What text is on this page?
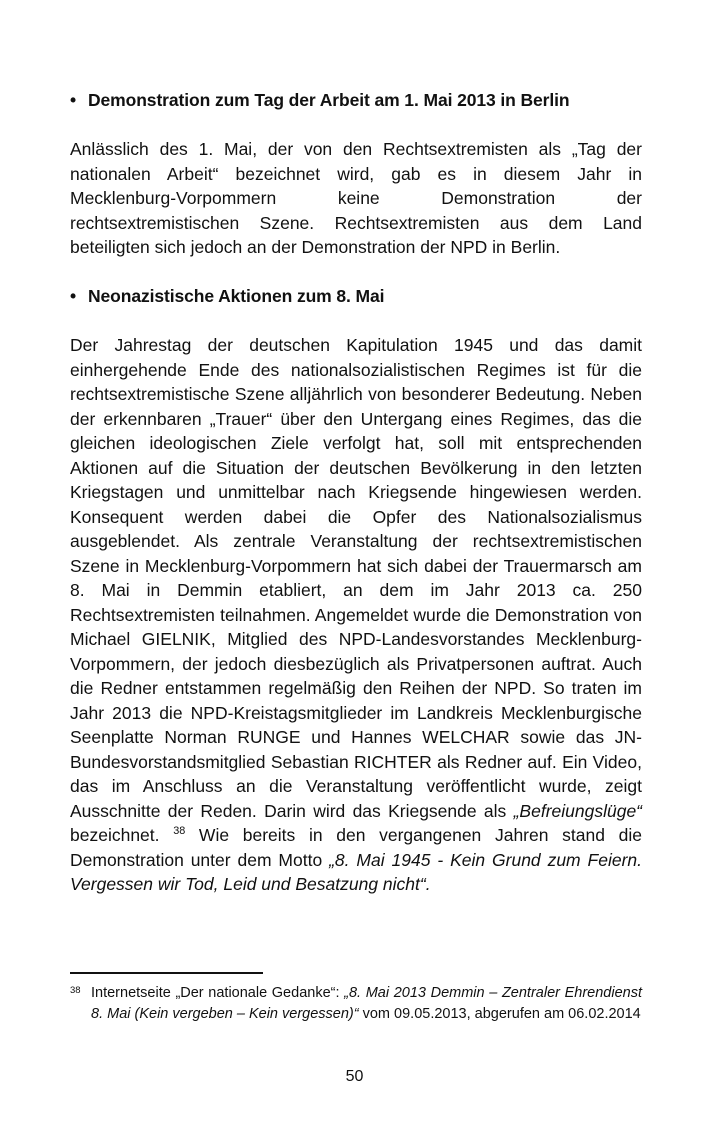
• Demonstration zum Tag der Arbeit am 1. Mai 2013 in Berlin

Anlässlich des 1. Mai, der von den Rechtsextremisten als „Tag der nationalen Arbeit“ bezeichnet wird, gab es in diesem Jahr in Mecklenburg-Vorpommern keine Demonstration der rechtsextremistischen Szene. Rechtsextremisten aus dem Land beteiligten sich jedoch an der Demonstration der NPD in Berlin.

• Neonazistische Aktionen zum 8. Mai

Der Jahrestag der deutschen Kapitulation 1945 und das damit einhergehende Ende des nationalsozialistischen Regimes ist für die rechtsextremistische Szene alljährlich von besonderer Bedeutung. Neben der erkennbaren „Trauer“ über den Untergang eines Regimes, das die gleichen ideologischen Ziele verfolgt hat, soll mit entsprechenden Aktionen auf die Situation der deutschen Bevölkerung in den letzten Kriegstagen und unmittelbar nach Kriegsende hingewiesen werden. Konsequent werden dabei die Opfer des Nationalsozialismus ausgeblendet. Als zentrale Veranstaltung der rechtsextremistischen Szene in Mecklenburg-Vorpommern hat sich dabei der Trauermarsch am 8. Mai in Demmin etabliert, an dem im Jahr 2013 ca. 250 Rechtsextremisten teilnahmen. Angemeldet wurde die Demonstration von Michael GIELNIK, Mitglied des NPD-Landesvorstandes Mecklenburg-Vorpommern, der jedoch diesbezüglich als Privatpersonen auftrat. Auch die Redner entstammen regelmäßig den Reihen der NPD. So traten im Jahr 2013 die NPD-Kreistagsmitglieder im Landkreis Mecklenburgische Seenplatte Norman RUNGE und Hannes WELCHAR sowie das JN-Bundesvorstandsmitglied Sebastian RICHTER als Redner auf. Ein Video, das im Anschluss an die Veranstaltung veröffentlicht wurde, zeigt Ausschnitte der Reden. Darin wird das Kriegsende als „Befreiungslüge“ bezeichnet. $^{38}$ Wie bereits in den vergangenen Jahren stand die Demonstration unter dem Motto „8. Mai 1945 - Kein Grund zum Feiern. Vergessen wir Tod, Leid und Besatzung nicht“.

38 Internetseite „Der nationale Gedanke“: „8. Mai 2013 Demmin – Zentraler Ehrendienst 8. Mai (Kein vergeben – Kein vergessen)“ vom 09.05.2013, abgerufen am 06.02.2014
50
